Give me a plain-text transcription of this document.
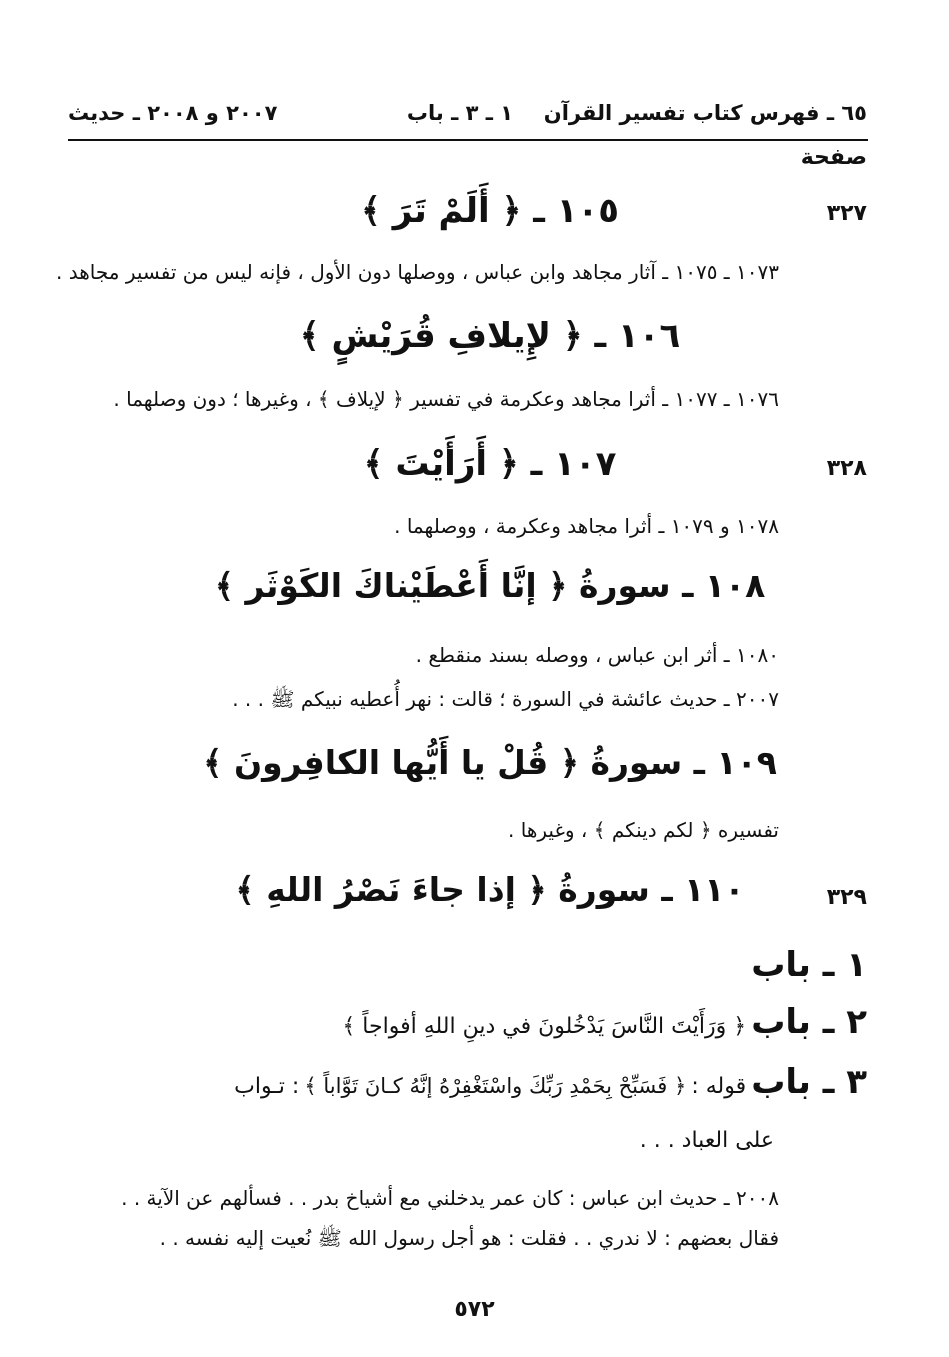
٦٥ ـ فهرس كتاب تفسير القرآن
١ ـ ٣ ـ باب
٢٠٠٧ و ٢٠٠٨ ـ حديث
صفحة
٣٢٧
١٠٥ ـ ﴿ أَلَمْ تَرَ ﴾
١٠٧٣ ـ ١٠٧٥ ـ آثار مجاهد وابن عباس ، ووصلها دون الأول ، فإنه ليس من تفسير مجاهد .
١٠٦ ـ ﴿ لإِيلافِ قُرَيْشٍ ﴾
١٠٧٦ ـ ١٠٧٧ ـ أثرا مجاهد وعكرمة في تفسير ﴿ لإيلاف ﴾ ، وغيرها ؛ دون وصلهما .
٣٢٨
١٠٧ ـ ﴿ أَرَأَيْتَ ﴾
١٠٧٨ و ١٠٧٩ ـ أثرا مجاهد وعكرمة ، ووصلهما .
١٠٨ ـ سورةُ ﴿ إنَّا أَعْطَيْناكَ الكَوْثَر ﴾
١٠٨٠ ـ أثر ابن عباس ، ووصله بسند منقطع .
٢٠٠٧ ـ حديث عائشة في السورة ؛ قالت : نهر أُعطيه نبيكم ﷺ . . .
١٠٩ ـ سورةُ ﴿ قُلْ يا أَيُّها الكافِرونَ ﴾
تفسيره ﴿ لكم دينكم ﴾ ، وغيرها .
٣٢٩
١١٠ ـ سورةُ ﴿ إذا جاءَ نَصْرُ اللهِ ﴾
١ ـ باب
٢ ـ باب ﴿ وَرَأَيْتَ النَّاسَ يَدْخُلونَ في دينِ اللهِ أفواجاً ﴾
٣ ـ باب قوله : ﴿ فَسَبِّحْ بِحَمْدِ رَبِّكَ واسْتَغْفِرْهُ إنَّهُ كـانَ تَوَّاباً ﴾ : تـواب
على العباد . . .
٢٠٠٨ ـ حديث ابن عباس : كان عمر يدخلني مع أشياخ بدر . . فسألهم عن الآية . .
فقال بعضهم : لا ندري . . فقلت : هو أجل رسول الله ﷺ نُعيت إليه نفسه . .
٥٧٢
